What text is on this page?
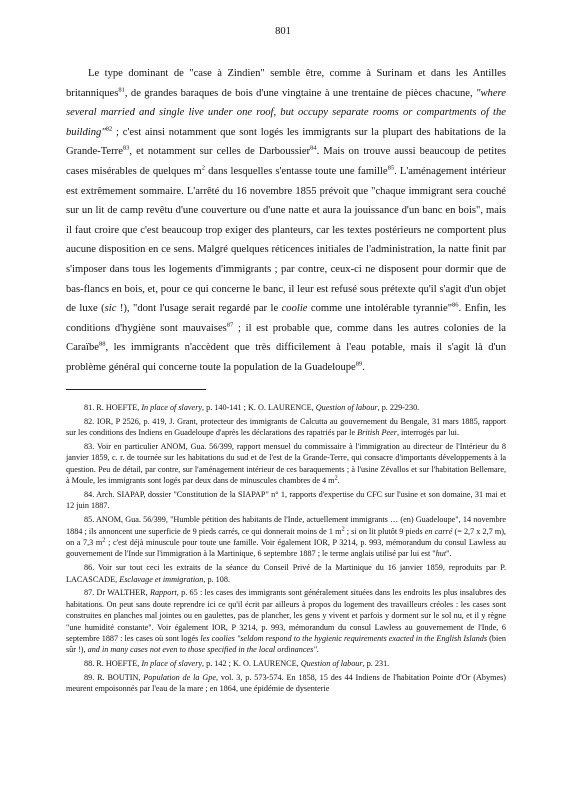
801

Le type dominant de "case à Zindien" semble être, comme à Surinam et dans les Antilles britanniques$^{81}$, de grandes baraques de bois d'une vingtaine à une trentaine de pièces chacune, "where several married and single live under one roof, but occupy separate rooms or compartments of the building"$^{82}$ ; c'est ainsi notamment que sont logés les immigrants sur la plupart des habitations de la Grande-Terre$^{83}$, et notamment sur celles de Darboussier$^{84}$. Mais on trouve aussi beaucoup de petites cases misérables de quelques $m^2$ dans lesquelles s'entasse toute une famille$^{85}$. L'aménagement intérieur est extrêmement sommaire. L'arrêté du 16 novembre 1855 prévoit que "chaque immigrant sera couché sur un lit de camp revêtu d'une couverture ou d'une natte et aura la jouissance d'un banc en bois", mais il faut croire que c'est beaucoup trop exiger des planteurs, car les textes postérieurs ne comportent plus aucune disposition en ce sens. Malgré quelques réticences initiales de l'administration, la natte finit par s'imposer dans tous les logements d'immigrants ; par contre, ceux-ci ne disposent pour dormir que de bas-flancs en bois, et, pour ce qui concerne le banc, il leur est refusé sous prétexte qu'il s'agit d'un objet de luxe (sic !), "dont l'usage serait regardé par le coolie comme une intolérable tyrannie"$^{86}$. Enfin, les conditions d'hygiène sont mauvaises$^{87}$ ; il est probable que, comme dans les autres colonies de la Caraïbe$^{88}$, les immigrants n'accèdent que très difficilement à l'eau potable, mais il s'agit là d'un problème général qui concerne toute la population de la Guadeloupe$^{89}$.

81. R. HOEFTE, In place of slavery, p. 140-141 ; K. O. LAURENCE, Question of labour, p. 229-230.

82. IOR, P 2526, p. 419, J. Grant, protecteur des immigrants de Calcutta au gouvernement du Bengale, 31 mars 1885, rapport sur les conditions des Indiens en Guadeloupe d'après les déclarations des rapatriés par le British Peer, interrogés par lui.

83. Voir en particulier ANOM, Gua. 56/399, rapport mensuel du commissaire à l'immigration au directeur de l'Intérieur du 8 janvier 1859, c. r. de tournée sur les habitations du sud et de l'est de la Grande-Terre, qui consacre d'importants développements à la question. Peu de détail, par contre, sur l'aménagement intérieur de ces baraquements ; à l'usine Zévallos et sur l'habitation Bellemare, à Moule, les immigrants sont logés par deux dans de minuscules chambres de 4 $m^2$.

84. Arch. SIAPAP, dossier "Constitution de la SIAPAP" n° 1, rapports d'expertise du CFC sur l'usine et son domaine, 31 mai et 12 juin 1887.

85. ANOM, Gua. 56/399, "Humble pétition des habitants de l'Inde, actuellement immigrants … (en) Guadeloupe", 14 novembre 1884 ; ils annoncent une superficie de 9 pieds carrés, ce qui donnerait moins de 1 $m^2$ ; si on lit plutôt 9 pieds en carré (= 2,7 x 2,7 m), on a 7,3 $m^2$ ; c'est déjà minuscule pour toute une famille. Voir également IOR, P 3214, p. 993, mémorandum du consul Lawless au gouvernement de l'Inde sur l'immigration à la Martinique, 6 septembre 1887 ; le terme anglais utilisé par lui est "hut".

86. Voir sur tout ceci les extraits de la séance du Conseil Privé de la Martinique du 16 janvier 1859, reproduits par P. LACASCADE, Esclavage et immigration, p. 108.

87. Dr WALTHER, Rapport, p. 65 : les cases des immigrants sont généralement situées dans les endroits les plus insalubres des habitations. On peut sans doute reprendre ici ce qu'il écrit par ailleurs à propos du logement des travailleurs créoles : les cases sont construites en planches mal jointes ou en gaulettes, pas de plancher, les gens y vivent et parfois y dorment sur le sol nu, et il y règne "une humidité constante". Voir également IOR, P 3214, p. 993, mémorandum du consul Lawless au gouvernement de l'Inde, 6 septembre 1887 : les cases où sont logés les coolies "seldom respond to the hygienic requirements exacted in the English Islands (bien sûr !), and in many cases not even to those specified in the local ordinances".

88. R. HOEFTE, In place of slavery, p. 142 ; K. O. LAURENCE, Question of labour, p. 231.

89. R. BOUTIN, Population de la Gpe, vol. 3, p. 573-574. En 1858, 15 des 44 Indiens de l'habitation Pointe d'Or (Abymes) meurent empoisonnés par l'eau de la mare ; en 1864, une épidémie de dysenterie
